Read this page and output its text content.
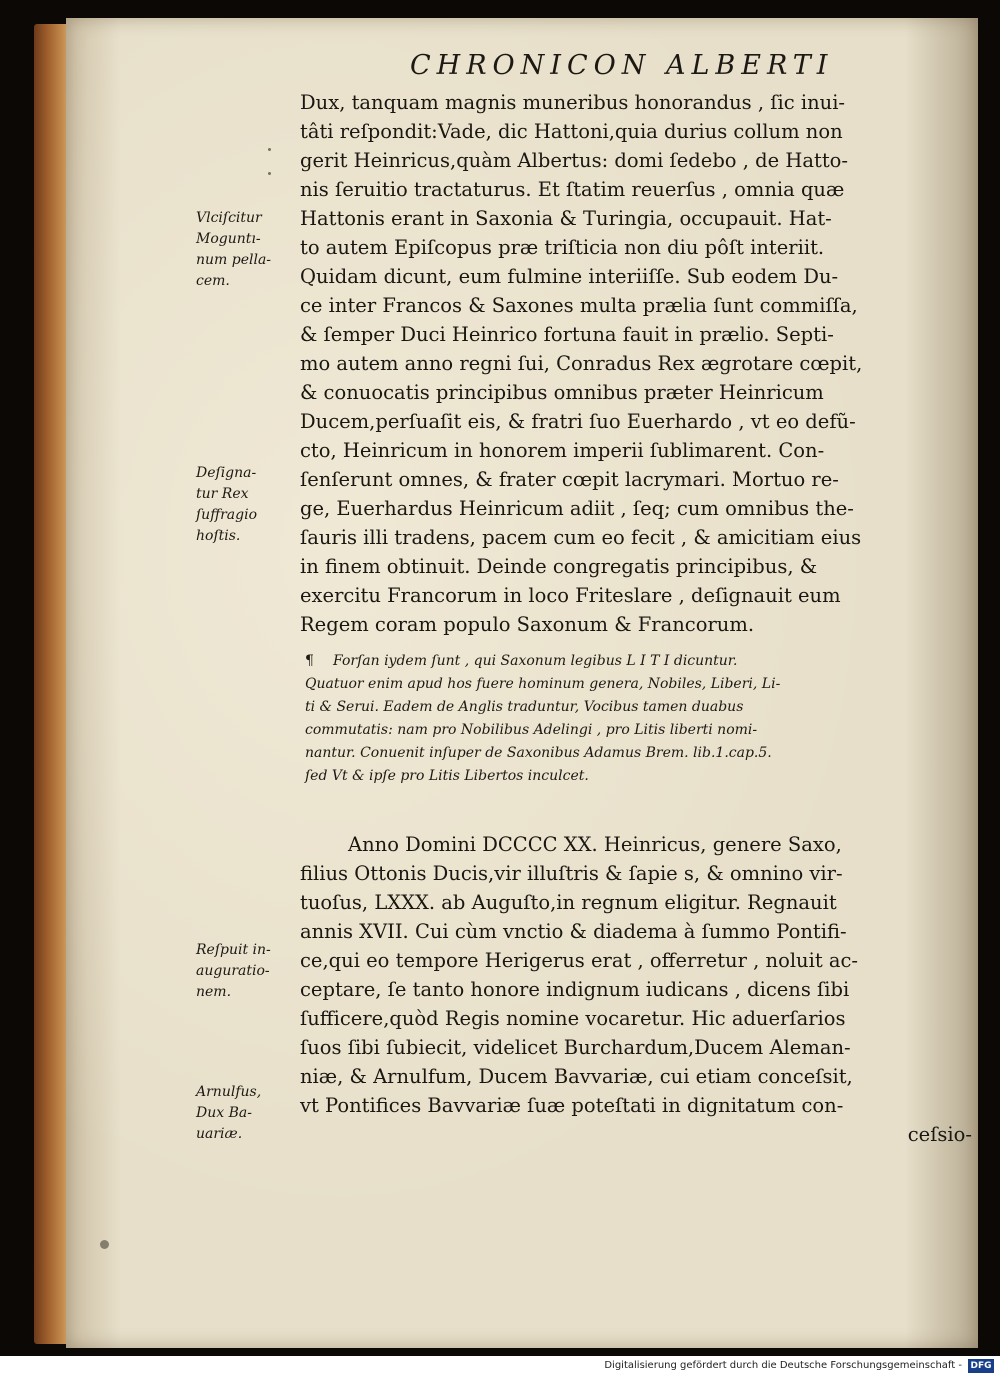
CHRONICON ALBERTI
Vlciſcitur
Moguntı-
num pella-
cem.
Deſigna-
tur Rex
ſuffragio
hoſtis.
Reſpuit in-
auguratio-
nem.
Arnulfus,
Dux Ba-
uariæ.
Dux, tanquam magnis muneribus honorandus , ſic inui-
tâti reſpondit:Vade, dic Hattoni,quia durius collum non
gerit Heinricus,quàm Albertus: domi ſedebo , de Hatto-
nis ſeruitio tractaturus. Et ſtatim reuerſus , omnia quæ
Hattonis erant in Saxonia & Turingia, occupauit. Hat-
to autem Epiſcopus præ triſticia non diu pôſt interiit.
Quidam dicunt, eum fulmine interiiſſe. Sub eodem Du-
ce inter Francos & Saxones multa prælia ſunt commiſſa,
& ſemper Duci Heinrico fortuna fauit in prælio. Septi-
mo autem anno regni ſui, Conradus Rex ægrotare cœpit,
& conuocatis principibus omnibus præter Heinricum
Ducem,perſuaſit eis, & fratri ſuo Euerhardo , vt eo defũ-
cto, Heinricum in honorem imperii ſublimarent. Con-
ſenſerunt omnes, & frater cœpit lacrymari. Mortuo re-
ge, Euerhardus Heinricum adiit , ſeq; cum omnibus the-
ſauris illi tradens, pacem cum eo fecit , & amicitiam eius
in finem obtinuit. Deinde congregatis principibus, &
exercitu Francorum in loco Friteslare , deſignauit eum
Regem coram populo Saxonum & Francorum.
¶	Forſan iydem ſunt , qui Saxonum legibus L I T I dicuntur.
Quatuor enim apud hos fuere hominum genera, Nobiles, Liberi, Li-
ti & Serui. Eadem de Anglis traduntur, Vocibus tamen duabus
commutatis: nam pro Nobilibus Adelingi , pro Litis liberti nomi-
nantur. Conuenit inſuper de Saxonibus Adamus Brem. lib.1.cap.5.
ſed Vt & ipſe pro Litis Libertos inculcet.
Anno Domini DCCCC XX. Heinricus, genere Saxo,
filius Ottonis Ducis,vir illuſtris & ſapie s, & omnino vir-
tuoſus, LXXX. ab Auguſto,in regnum eligitur. Regnauit
annis XVII. Cui cùm vnctio & diadema à ſummo Pontifi-
ce,qui eo tempore Herigerus erat , offerretur , noluit ac-
ceptare, ſe tanto honore indignum iudicans , dicens ſibi
ſufficere,quòd Regis nomine vocaretur. Hic aduerſarios
ſuos ſibi ſubiecit, videlicet Burchardum,Ducem Aleman-
niæ, & Arnulfum, Ducem Bavvariæ, cui etiam conceſsit,
vt Pontifices Bavvariæ ſuæ poteſtati in dignitatum con-
ceſsio-
Digitalisierung gefördert durch die Deutsche Forschungsgemeinschaft - DFG
